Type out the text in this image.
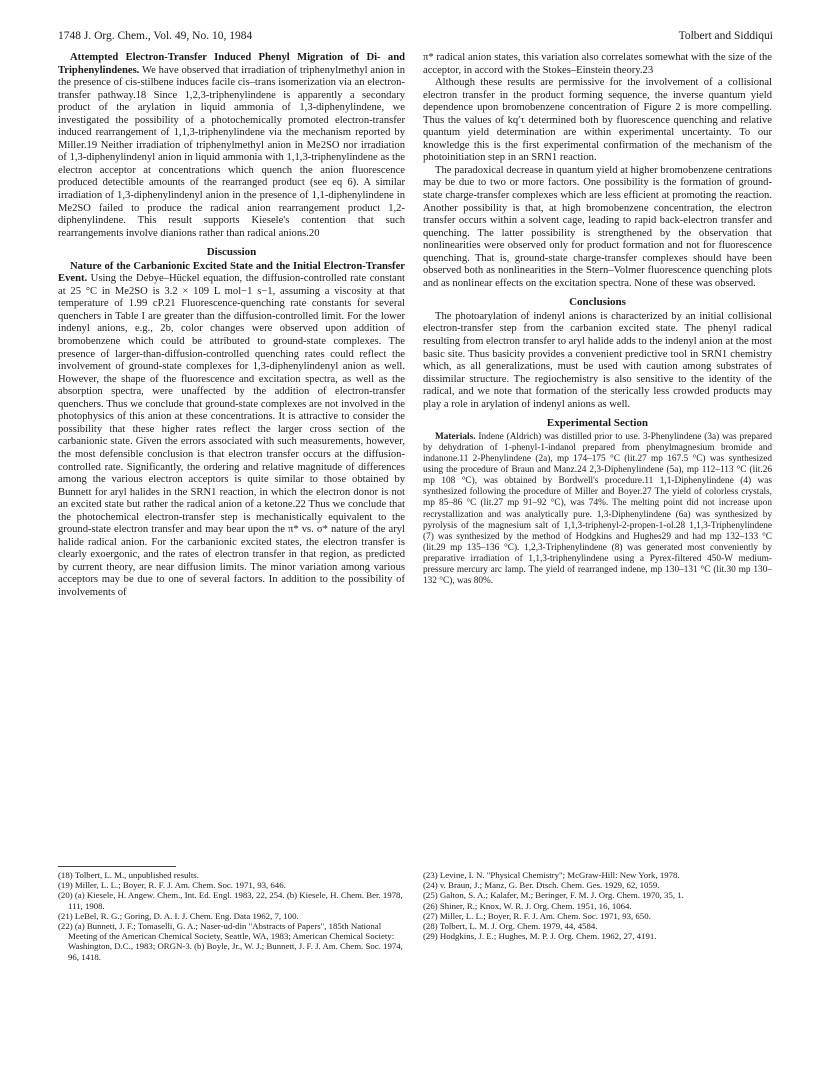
1748 J. Org. Chem., Vol. 49, No. 10, 1984	Tolbert and Siddiqui

Attempted Electron-Transfer Induced Phenyl Migration of Di- and Triphenylindenes. We have observed that irradiation of triphenylmethyl anion in the presence of cis-stilbene induces facile cis–trans isomerization via an electron-transfer pathway.18 Since 1,2,3-triphenylindene is apparently a secondary product of the arylation in liquid ammonia of 1,3-diphenylindene, we investigated the possibility of a photochemically promoted electron-transfer induced rearrangement of 1,1,3-triphenylindene via the mechanism reported by Miller.19 Neither irradiation of triphenylmethyl anion in Me2SO nor irradiation of 1,3-diphenylindenyl anion in liquid ammonia with 1,1,3-triphenylindene as the electron acceptor at concentrations which quench the anion fluorescence produced detectible amounts of the rearranged product (see eq 6). A similar irradiation of 1,3-diphenylindenyl anion in the presence of 1,1-diphenylindene in Me2SO failed to produce the radical anion rearrangement product 1,2-diphenylindene. This result supports Kiesele's contention that such rearrangements involve dianions rather than radical anions.20

Discussion

Nature of the Carbanionic Excited State and the Initial Electron-Transfer Event. Using the Debye–Hückel equation, the diffusion-controlled rate constant at 25 °C in Me2SO is 3.2 × 109 L mol−1 s−1, assuming a viscosity at that temperature of 1.99 cP.21 Fluorescence-quenching rate constants for several quenchers in Table I are greater than the diffusion-controlled limit. For the lower indenyl anions, e.g., 2b, color changes were observed upon addition of bromobenzene which could be attributed to ground-state complexes. The presence of larger-than-diffusion-controlled quenching rates could reflect the involvement of ground-state complexes for 1,3-diphenylindenyl anion as well. However, the shape of the fluorescence and excitation spectra, as well as the absorption spectra, were unaffected by the addition of electron-transfer quenchers. Thus we conclude that ground-state complexes are not involved in the photophysics of this anion at these concentrations. It is attractive to consider the possibility that these higher rates reflect the larger cross section of the carbanionic state. Given the errors associated with such measurements, however, the most defensible conclusion is that electron transfer occurs at the diffusion-controlled rate. Significantly, the ordering and relative magnitude of differences among the various electron acceptors is quite similar to those obtained by Bunnett for aryl halides in the SRN1 reaction, in which the electron donor is not an excited state but rather the radical anion of a ketone.22 Thus we conclude that the photochemical electron-transfer step is mechanistically equivalent to the ground-state electron transfer and may bear upon the π* vs. σ* nature of the aryl halide radical anion. For the carbanionic excited states, the electron transfer is clearly exoergonic, and the rates of electron transfer in that region, as predicted by current theory, are near diffusion limits. The minor variation among various acceptors may be due to one of several factors. In addition to the possibility of involvements of

π* radical anion states, this variation also correlates somewhat with the size of the acceptor, in accord with the Stokes–Einstein theory.23

Although these results are permissive for the involvement of a collisional electron transfer in the product forming sequence, the inverse quantum yield dependence upon bromobenzene concentration of Figure 2 is more compelling. Thus the values of kq′τ determined both by fluorescence quenching and relative quantum yield determination are within experimental uncertainty. To our knowledge this is the first experimental confirmation of the mechanism of the photoinitiation step in an SRN1 reaction.

The paradoxical decrease in quantum yield at higher bromobenzene centrations may be due to two or more factors. One possibility is the formation of ground-state charge-transfer complexes which are less efficient at promoting the reaction. Another possibility is that, at high bromobenzene concentration, the electron transfer occurs within a solvent cage, leading to rapid back-electron transfer and quenching. The latter possibility is strengthened by the observation that nonlinearities were observed only for product formation and not for fluorescence quenching. That is, ground-state charge-transfer complexes should have been observed both as nonlinearities in the Stern–Volmer fluorescence quenching plots and as nonlinear effects on the excitation spectra. None of these was observed.

Conclusions

The photoarylation of indenyl anions is characterized by an initial collisional electron-transfer step from the carbanion excited state. The phenyl radical resulting from electron transfer to aryl halide adds to the indenyl anion at the most basic site. Thus basicity provides a convenient predictive tool in SRN1 chemistry which, as all generalizations, must be used with caution among substrates of dissimilar structure. The regiochemistry is also sensitive to the identity of the radical, and we note that formation of the sterically less crowded products may play a role in arylation of indenyl anions as well.

Experimental Section

Materials. Indene (Aldrich) was distilled prior to use. 3-Phenylindene (3a) was prepared by dehydration of 1-phenyl-1-indanol prepared from phenylmagnesium bromide and indanone.11 2-Phenylindene (2a), mp 174–175 °C (lit.27 mp 167.5 °C) was synthesized using the procedure of Braun and Manz.24 2,3-Diphenylindene (5a), mp 112–113 °C (lit.26 mp 108 °C), was obtained by Bordwell's procedure.11 1,1-Diphenylindene (4) was synthesized following the procedure of Miller and Boyer.27 The yield of colorless crystals, mp 85–86 °C (lit.27 mp 91–92 °C), was 74%. The melting point did not increase upon recrystallization and was analytically pure. 1,3-Diphenylindene (6a) was synthesized by pyrolysis of the magnesium salt of 1,1,3-triphenyl-2-propen-1-ol.28 1,1,3-Triphenylindene (7) was synthesized by the method of Hodgkins and Hughes29 and had mp 132–133 °C (lit.29 mp 135–136 °C). 1,2,3-Triphenylindene (8) was generated most conveniently by preparative irradiation of 1,1,3-triphenylindene using a Pyrex-filtered 450-W medium-pressure mercury arc lamp. The yield of rearranged indene, mp 130–131 °C (lit.30 mp 130–132 °C), was 80%.

(18) Tolbert, L. M., unpublished results.

(19) Miller, L. L.; Boyer, R. F. J. Am. Chem. Soc. 1971, 93, 646.

(20) (a) Kiesele, H. Angew. Chem., Int. Ed. Engl. 1983, 22, 254. (b) Kiesele, H. Chem. Ber. 1978, 111, 1908.

(21) LeBel, R. G.; Goring, D. A. I. J. Chem. Eng. Data 1962, 7, 100.

(22) (a) Bunnett, J. F.; Tomaselli, G. A.; Naser-ud-din "Abstracts of Papers", 185th National Meeting of the American Chemical Society, Seattle, WA, 1983; American Chemical Society: Washington, D.C., 1983; ORGN-3. (b) Boyle, Jr., W. J.; Bunnett, J. F. J. Am. Chem. Soc. 1974, 96, 1418.

(23) Levine, I. N. "Physical Chemistry"; McGraw-Hill: New York, 1978.

(24) v. Braun, J.; Manz, G. Ber. Dtsch. Chem. Ges. 1929, 62, 1059.

(25) Galton, S. A.; Kalafer, M.; Beringer, F. M. J. Org. Chem. 1970, 35, 1.

(26) Shiner, R.; Knox, W. R. J. Org. Chem. 1951, 16, 1064.

(27) Miller, L. L.; Boyer, R. F. J. Am. Chem. Soc. 1971, 93, 650.

(28) Tolbert, L. M. J. Org. Chem. 1979, 44, 4584.

(29) Hodgkins, J. E.; Hughes, M. P. J. Org. Chem. 1962, 27, 4191.
